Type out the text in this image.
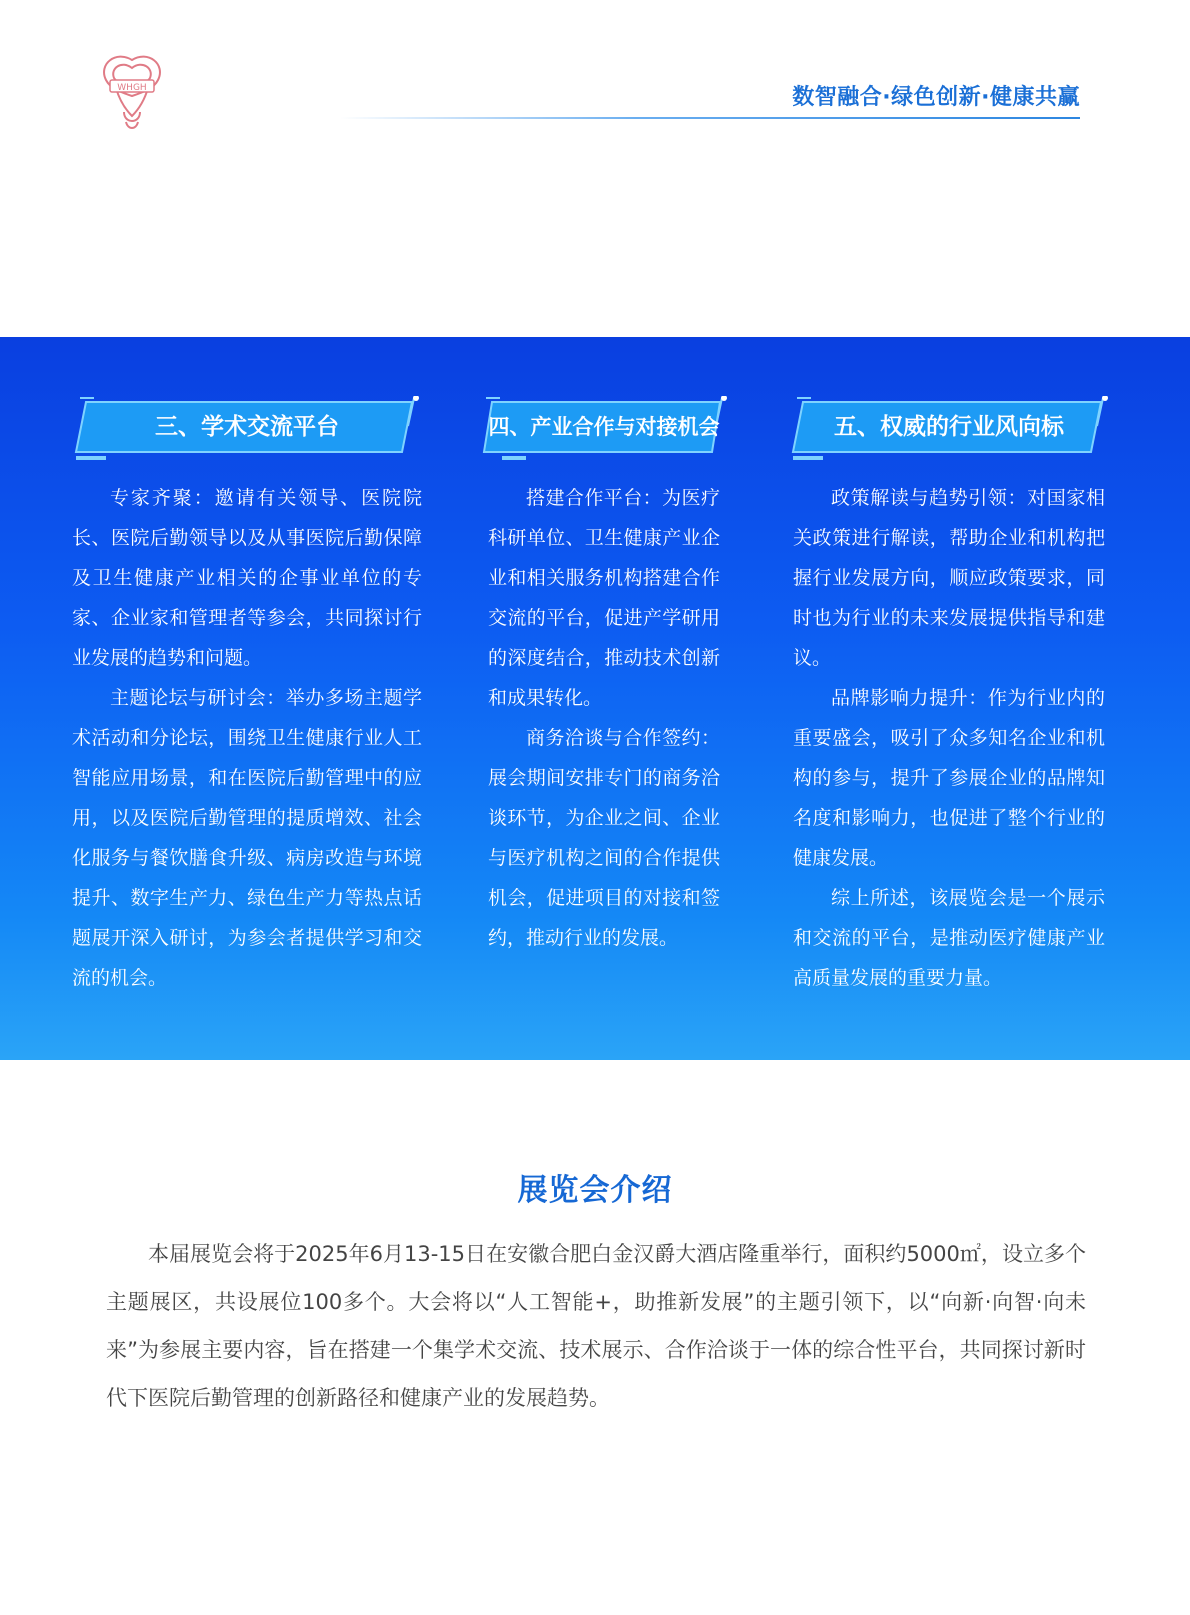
WHGH	数智融合·绿色创新·健康共赢
三、学术交流平台

专家齐聚：邀请有关领导、医院院长、医院后勤领导以及从事医院后勤保障及卫生健康产业相关的企事业单位的专家、企业家和管理者等参会，共同探讨行业发展的趋势和问题。

主题论坛与研讨会：举办多场主题学术活动和分论坛，围绕卫生健康行业人工智能应用场景，和在医院后勤管理中的应用，以及医院后勤管理的提质增效、社会化服务与餐饮膳食升级、病房改造与环境提升、数字生产力、绿色生产力等热点话题展开深入研讨，为参会者提供学习和交流的机会。

四、产业合作与对接机会

搭建合作平台：为医疗科研单位、卫生健康产业企业和相关服务机构搭建合作交流的平台，促进产学研用的深度结合，推动技术创新和成果转化。

商务洽谈与合作签约：展会期间安排专门的商务洽谈环节，为企业之间、企业与医疗机构之间的合作提供机会，促进项目的对接和签约，推动行业的发展。

五、权威的行业风向标

政策解读与趋势引领：对国家相关政策进行解读，帮助企业和机构把握行业发展方向，顺应政策要求，同时也为行业的未来发展提供指导和建议。

品牌影响力提升：作为行业内的重要盛会，吸引了众多知名企业和机构的参与，提升了参展企业的品牌知名度和影响力，也促进了整个行业的健康发展。

综上所述，该展览会是一个展示和交流的平台，是推动医疗健康产业高质量发展的重要力量。

展览会介绍
本届展览会将于2025年6月13-15日在安徽合肥白金汉爵大酒店隆重举行，面积约5000㎡，设立多个主题展区，共设展位100多个。大会将以“人工智能+，助推新发展”的主题引领下，以“向新·向智·向未来”为参展主要内容，旨在搭建一个集学术交流、技术展示、合作洽谈于一体的综合性平台，共同探讨新时代下医院后勤管理的创新路径和健康产业的发展趋势。
